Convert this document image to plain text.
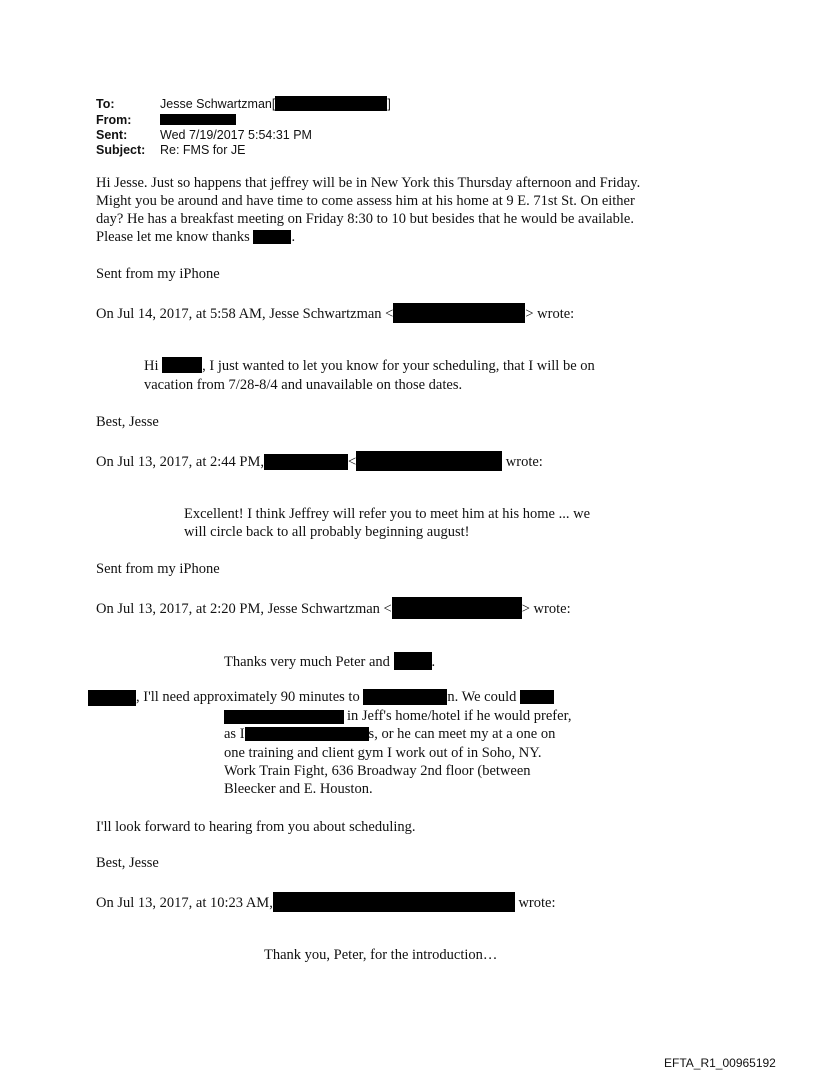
To:	Jesse Schwartzman[	]
From:
Sent:	Wed 7/19/2017 5:54:31 PM
Subject: Re: FMS for JE
Hi Jesse. Just so happens that jeffrey will be in New York this Thursday afternoon and Friday.
Might you be around and have time to come assess him at his home at 9 E. 71st St. On either
day? He has a breakfast meeting on Friday 8:30 to 10 but besides that he would be available.
Please let me know thanks	.
Sent from my iPhone
On Jul 14, 2017, at 5:58 AM, Jesse Schwartzman <	> wrote:
Hi	, I just wanted to let you know for your scheduling, that I will be on
vacation from 7/28-8/4 and unavailable on those dates.
Best, Jesse
On Jul 13, 2017, at 2:44 PM,	<	wrote:
Excellent! I think Jeffrey will refer you to meet him at his home ... we
will circle back to all probably beginning august!
Sent from my iPhone
On Jul 13, 2017, at 2:20 PM, Jesse Schwartzman <	> wrote:
Thanks very much Peter and	.
, I'll need approximately 90 minutes to	n. We could
in Jeff's home/hotel if he would prefer,
as I	s, or he can meet my at a one on
one training and client gym I work out of in Soho, NY.
Work Train Fight, 636 Broadway 2nd floor (between
Bleecker and E. Houston.
I'll look forward to hearing from you about scheduling.
Best, Jesse
On Jul 13, 2017, at 10:23 AM,	wrote:
Thank you, Peter, for the introduction…
EFTA_R1_00965192
